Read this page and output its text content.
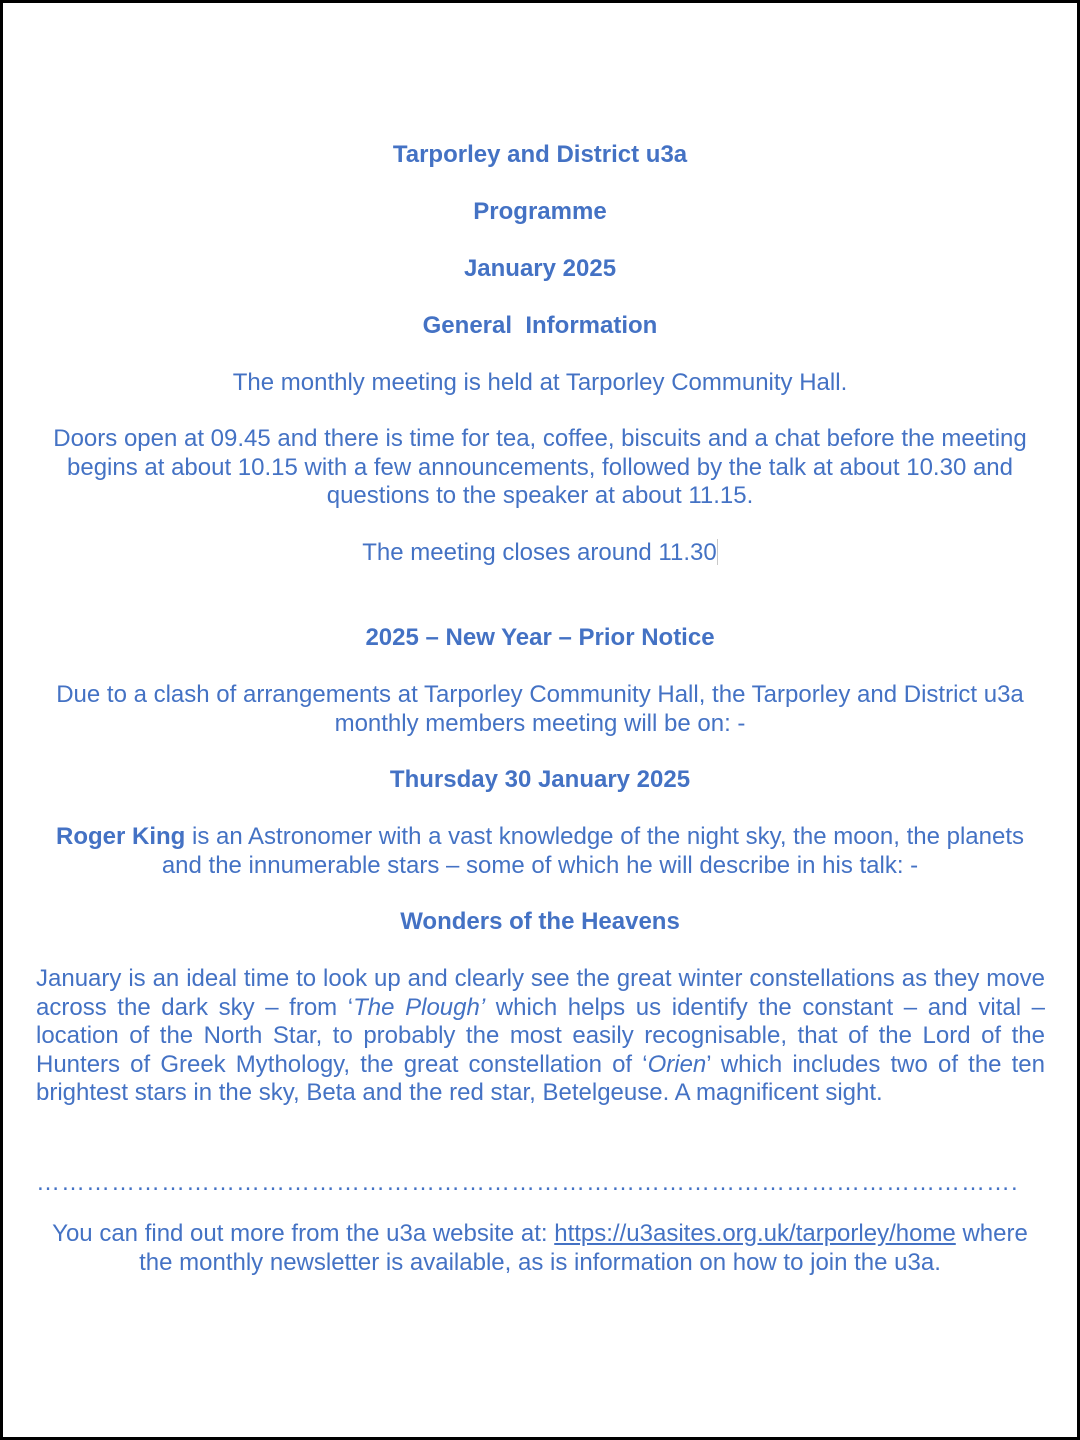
Tarporley and District u3a

Programme

January 2025

General  Information

The monthly meeting is held at Tarporley Community Hall.

Doors open at 09.45 and there is time for tea, coffee, biscuits and a chat before the meeting
begins at about 10.15 with a few announcements, followed by the talk at about 10.30 and
questions to the speaker at about 11.15.

The meeting closes around 11.30

2025 – New Year – Prior Notice

Due to a clash of arrangements at Tarporley Community Hall, the Tarporley and District u3a
monthly members meeting will be on: -

Thursday 30 January 2025

Roger King is an Astronomer with a vast knowledge of the night sky, the moon, the planets
and the innumerable stars – some of which he will describe in his talk: -

Wonders of the Heavens

January is an ideal time to look up and clearly see the great winter constellations as they move across the dark sky – from ‘The Plough’ which helps us identify the constant – and vital – location of the North Star, to probably the most easily recognisable, that of the Lord of the Hunters of Greek Mythology, the great constellation of ‘Orien’ which includes two of the ten brightest stars in the sky, Beta and the red star, Betelgeuse. A magnificent sight.

……………………………………………………………………………………………………….
You can find out more from the u3a website at: https://u3asites.org.uk/tarporley/home where
the monthly newsletter is available, as is information on how to join the u3a.
